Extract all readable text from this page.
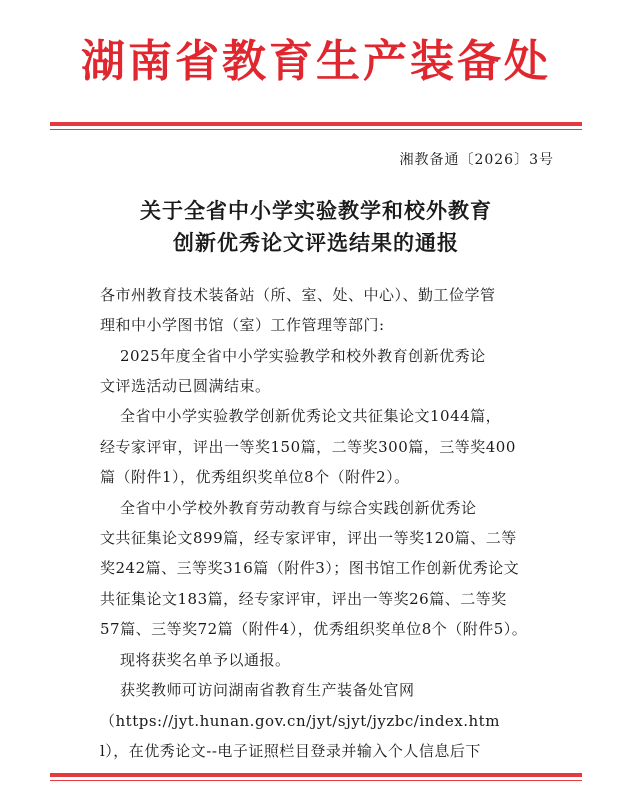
湖南省教育生产装备处
湘教备通〔2026〕3号
关于全省中小学实验教学和校外教育
创新优秀论文评选结果的通报
各市州教育技术装备站（所、室、处、中心）、勤工俭学管
理和中小学图书馆（室）工作管理等部门:
2025年度全省中小学实验教学和校外教育创新优秀论
文评选活动已圆满结束。
全省中小学实验教学创新优秀论文共征集论文1044篇，
经专家评审，评出一等奖150篇，二等奖300篇，三等奖400
篇（附件1），优秀组织奖单位8个（附件2）。
全省中小学校外教育劳动教育与综合实践创新优秀论
文共征集论文899篇，经专家评审，评出一等奖120篇、二等
奖242篇、三等奖316篇（附件3）；图书馆工作创新优秀论文
共征集论文183篇，经专家评审，评出一等奖26篇、二等奖
57篇、三等奖72篇（附件4），优秀组织奖单位8个（附件5）。
现将获奖名单予以通报。
获奖教师可访问湖南省教育生产装备处官网
（https://jyt.hunan.gov.cn/jyt/sjyt/jyzbc/index.htm
l），在优秀论文--电子证照栏目登录并输入个人信息后下
